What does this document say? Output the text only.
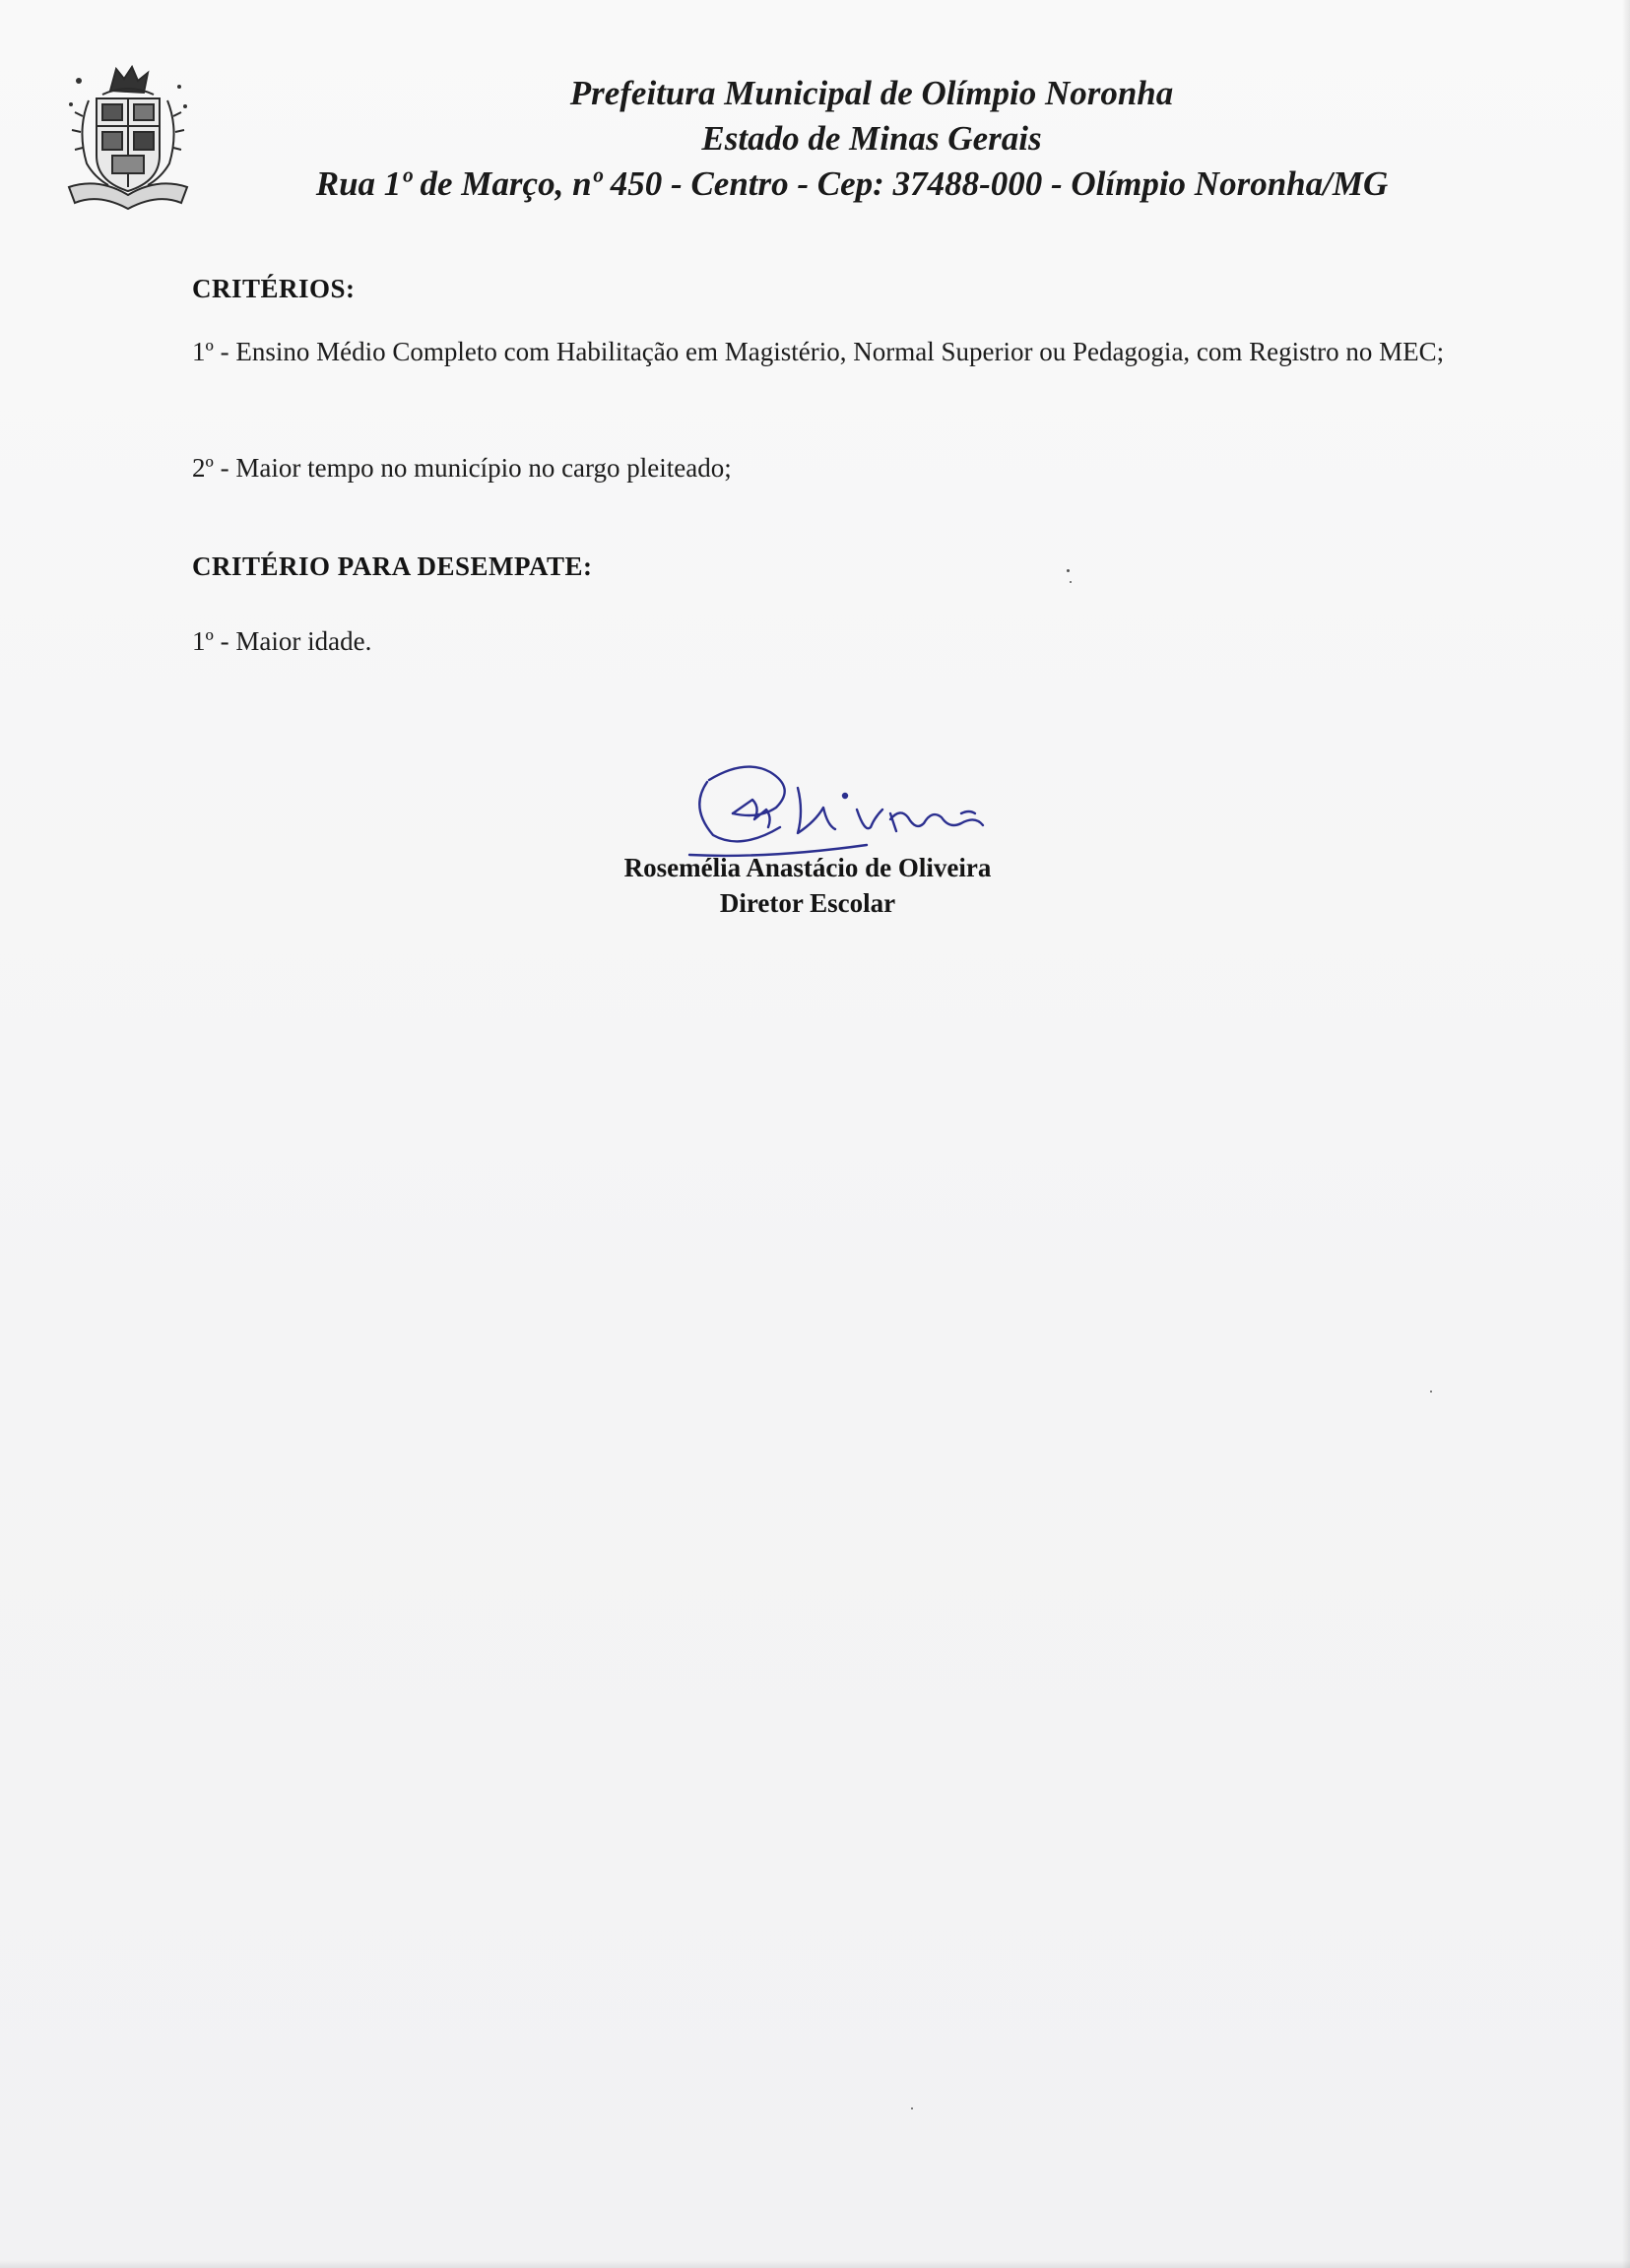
Prefeitura Municipal de Olímpio Noronha
Estado de Minas Gerais
Rua 1º de Março, nº 450 - Centro - Cep: 37488-000 - Olímpio Noronha/MG
CRITÉRIOS:
1º - Ensino Médio Completo com Habilitação em Magistério, Normal Superior ou Pedagogia, com Registro no MEC;
2º - Maior tempo no município no cargo pleiteado;
CRITÉRIO PARA DESEMPATE:
1º - Maior idade.
Rosemélia Anastácio de Oliveira
Diretor Escolar
